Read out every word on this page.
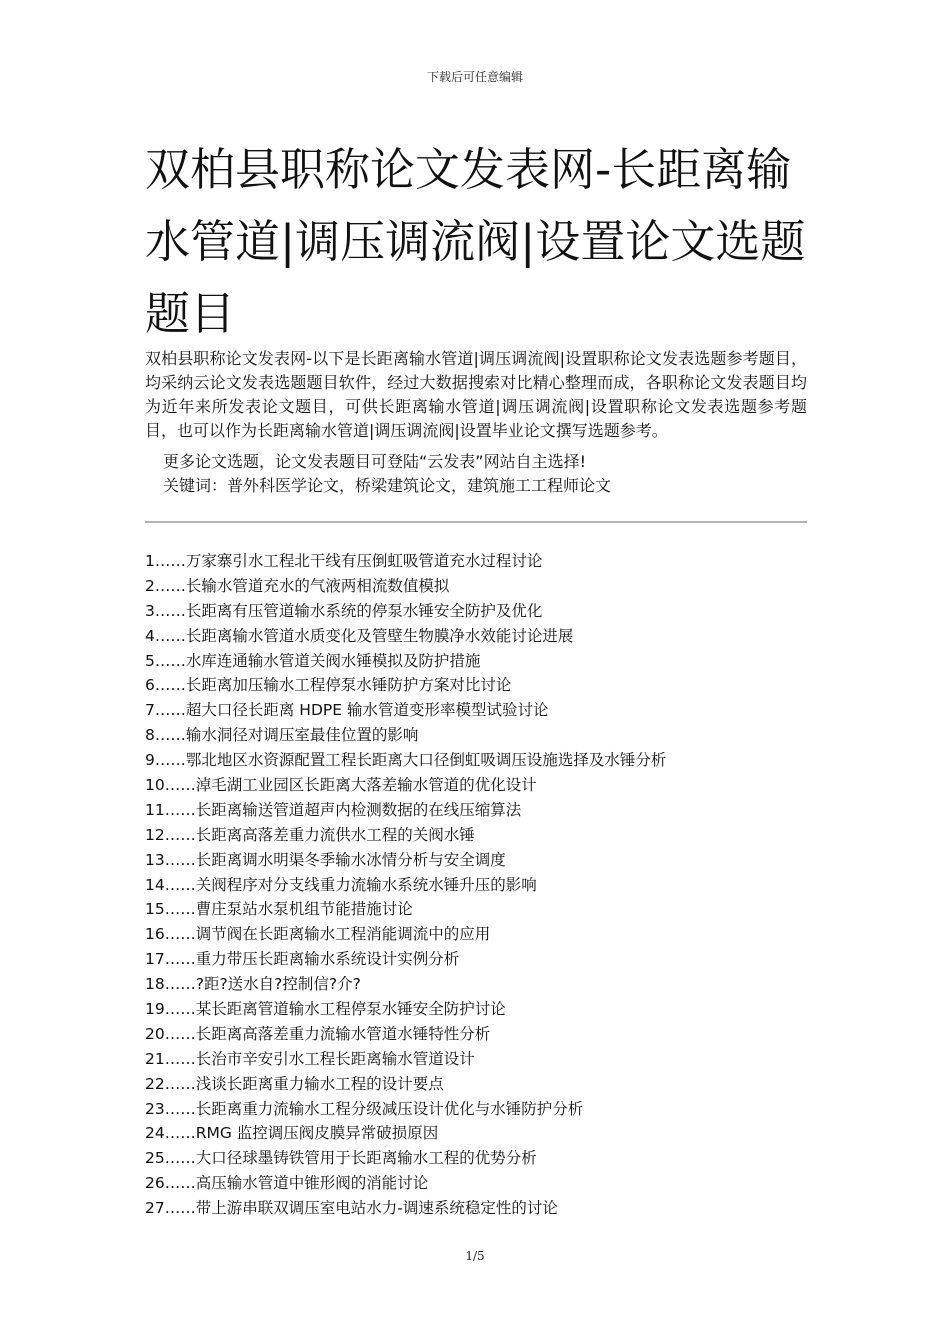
下载后可任意编辑
双柏县职称论文发表网-长距离输水管道|调压调流阀|设置论文选题题目

双柏县职称论文发表网-以下是长距离输水管道|调压调流阀|设置职称论文发表选题参考题目，均采纳云论文发表选题题目软件，经过大数据搜索对比精心整理而成，各职称论文发表题目均为近年来所发表论文题目，可供长距离输水管道|调压调流阀|设置职称论文发表选题参考题目，也可以作为长距离输水管道|调压调流阀|设置毕业论文撰写选题参考。

更多论文选题，论文发表题目可登陆“云发表”网站自主选择!

关键词：普外科医学论文，桥梁建筑论文，建筑施工工程师论文

1……万家寨引水工程北干线有压倒虹吸管道充水过程讨论
2……长输水管道充水的气液两相流数值模拟
3……长距离有压管道输水系统的停泵水锤安全防护及优化
4……长距离输水管道水质变化及管壁生物膜净水效能讨论进展
5……水库连通输水管道关阀水锤模拟及防护措施
6……长距离加压输水工程停泵水锤防护方案对比讨论
7……超大口径长距离 HDPE 输水管道变形率模型试验讨论
8……输水洞径对调压室最佳位置的影响
9……鄂北地区水资源配置工程长距离大口径倒虹吸调压设施选择及水锤分析
10……淖毛湖工业园区长距离大落差输水管道的优化设计
11……长距离输送管道超声内检测数据的在线压缩算法
12……长距离高落差重力流供水工程的关阀水锤
13……长距离调水明渠冬季输水冰情分析与安全调度
14……关阀程序对分支线重力流输水系统水锤升压的影响
15……曹庄泵站水泵机组节能措施讨论
16……调节阀在长距离输水工程消能调流中的应用
17……重力带压长距离输水系统设计实例分析
18……?距?送水自?控制信?介?
19……某长距离管道输水工程停泵水锤安全防护讨论
20……长距离高落差重力流输水管道水锤特性分析
21……长治市辛安引水工程长距离输水管道设计
22……浅谈长距离重力输水工程的设计要点
23……长距离重力流输水工程分级减压设计优化与水锤防护分析
24……RMG 监控调压阀皮膜异常破损原因
25……大口径球墨铸铁管用于长距离输水工程的优势分析
26……高压输水管道中锥形阀的消能讨论
27……带上游串联双调压室电站水力-调速系统稳定性的讨论
1/5
